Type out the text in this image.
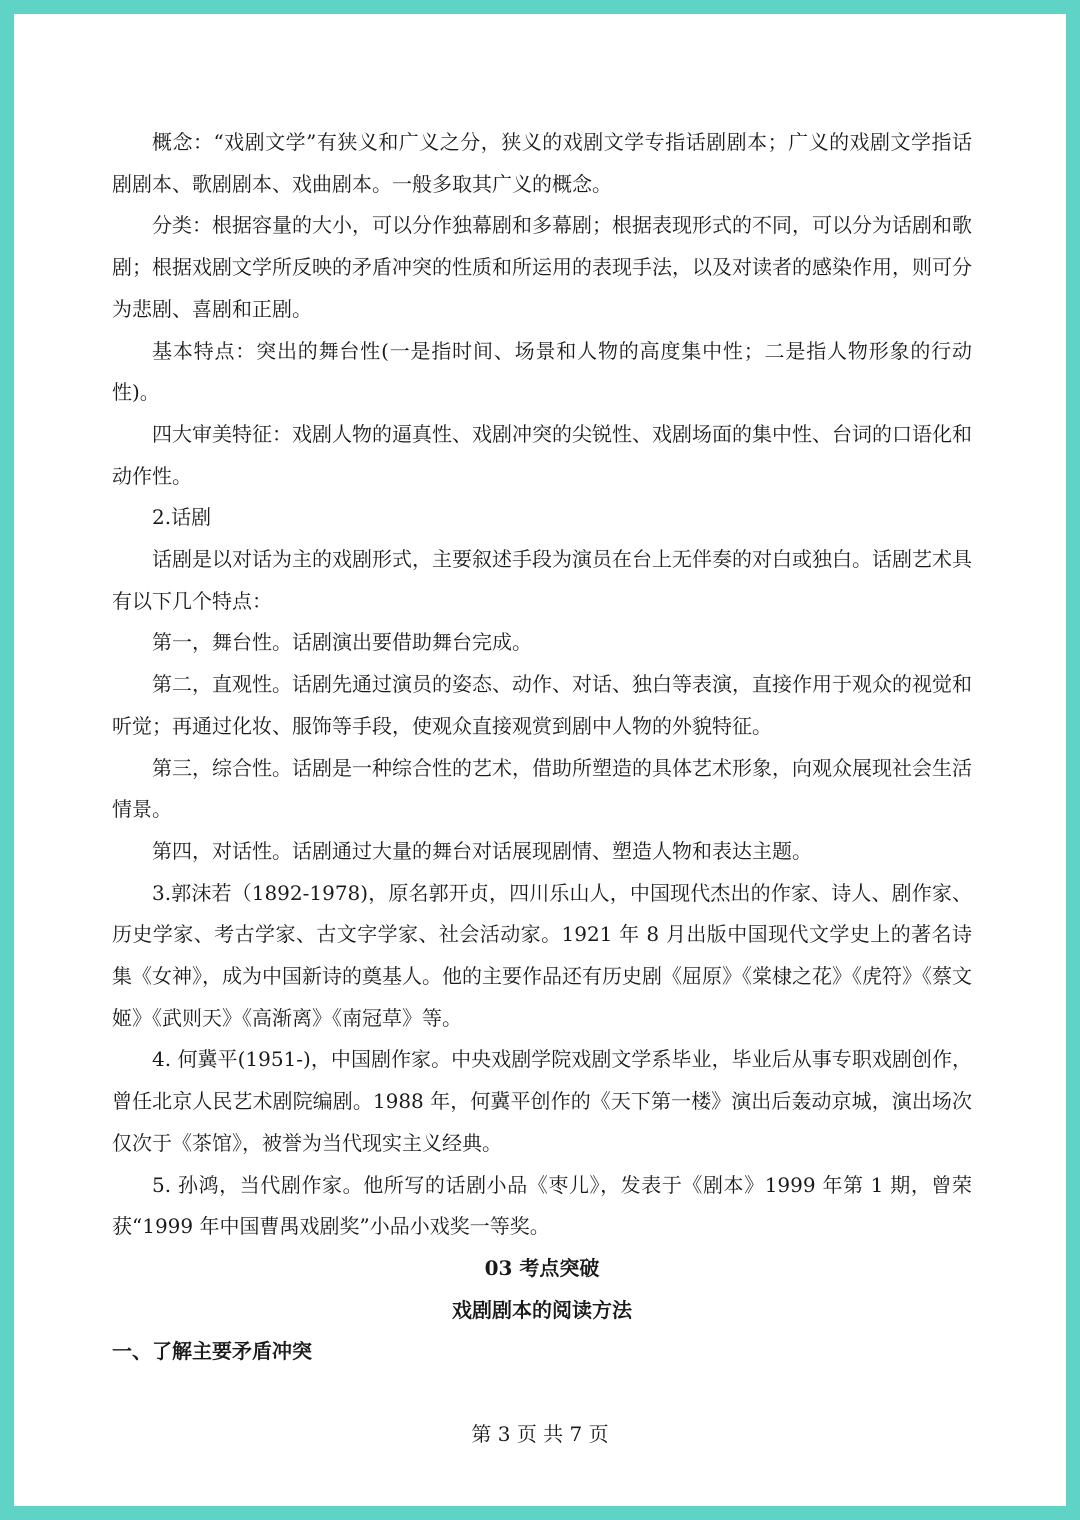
概念：“戏剧文学”有狭义和广义之分，狭义的戏剧文学专指话剧剧本；广义的戏剧文学指话剧剧本、歌剧剧本、戏曲剧本。一般多取其广义的概念。

分类：根据容量的大小，可以分作独幕剧和多幕剧；根据表现形式的不同，可以分为话剧和歌剧；根据戏剧文学所反映的矛盾冲突的性质和所运用的表现手法，以及对读者的感染作用，则可分为悲剧、喜剧和正剧。

基本特点：突出的舞台性(一是指时间、场景和人物的高度集中性；二是指人物形象的行动性)。

四大审美特征：戏剧人物的逼真性、戏剧冲突的尖锐性、戏剧场面的集中性、台词的口语化和动作性。

2.话剧

话剧是以对话为主的戏剧形式，主要叙述手段为演员在台上无伴奏的对白或独白。话剧艺术具有以下几个特点：

第一，舞台性。话剧演出要借助舞台完成。

第二，直观性。话剧先通过演员的姿态、动作、对话、独白等表演，直接作用于观众的视觉和听觉；再通过化妆、服饰等手段，使观众直接观赏到剧中人物的外貌特征。

第三，综合性。话剧是一种综合性的艺术，借助所塑造的具体艺术形象，向观众展现社会生活情景。

第四，对话性。话剧通过大量的舞台对话展现剧情、塑造人物和表达主题。

3.郭沫若（1892-1978)，原名郭开贞，四川乐山人，中国现代杰出的作家、诗人、剧作家、历史学家、考古学家、古文字学家、社会活动家。1921 年 8 月出版中国现代文学史上的著名诗集《女神》，成为中国新诗的奠基人。他的主要作品还有历史剧《屈原》《棠棣之花》《虎符》《蔡文姬》《武则天》《高渐离》《南冠草》等。

4. 何冀平(1951-)，中国剧作家。中央戏剧学院戏剧文学系毕业，毕业后从事专职戏剧创作，曾任北京人民艺术剧院编剧。1988 年，何冀平创作的《天下第一楼》演出后轰动京城，演出场次仅次于《茶馆》，被誉为当代现实主义经典。

5. 孙鸿，当代剧作家。他所写的话剧小品《枣儿》，发表于《剧本》1999 年第 1 期，曾荣获“1999 年中国曹禺戏剧奖”小品小戏奖一等奖。

03 考点突破

戏剧剧本的阅读方法

一、了解主要矛盾冲突

第 3 页 共 7 页
